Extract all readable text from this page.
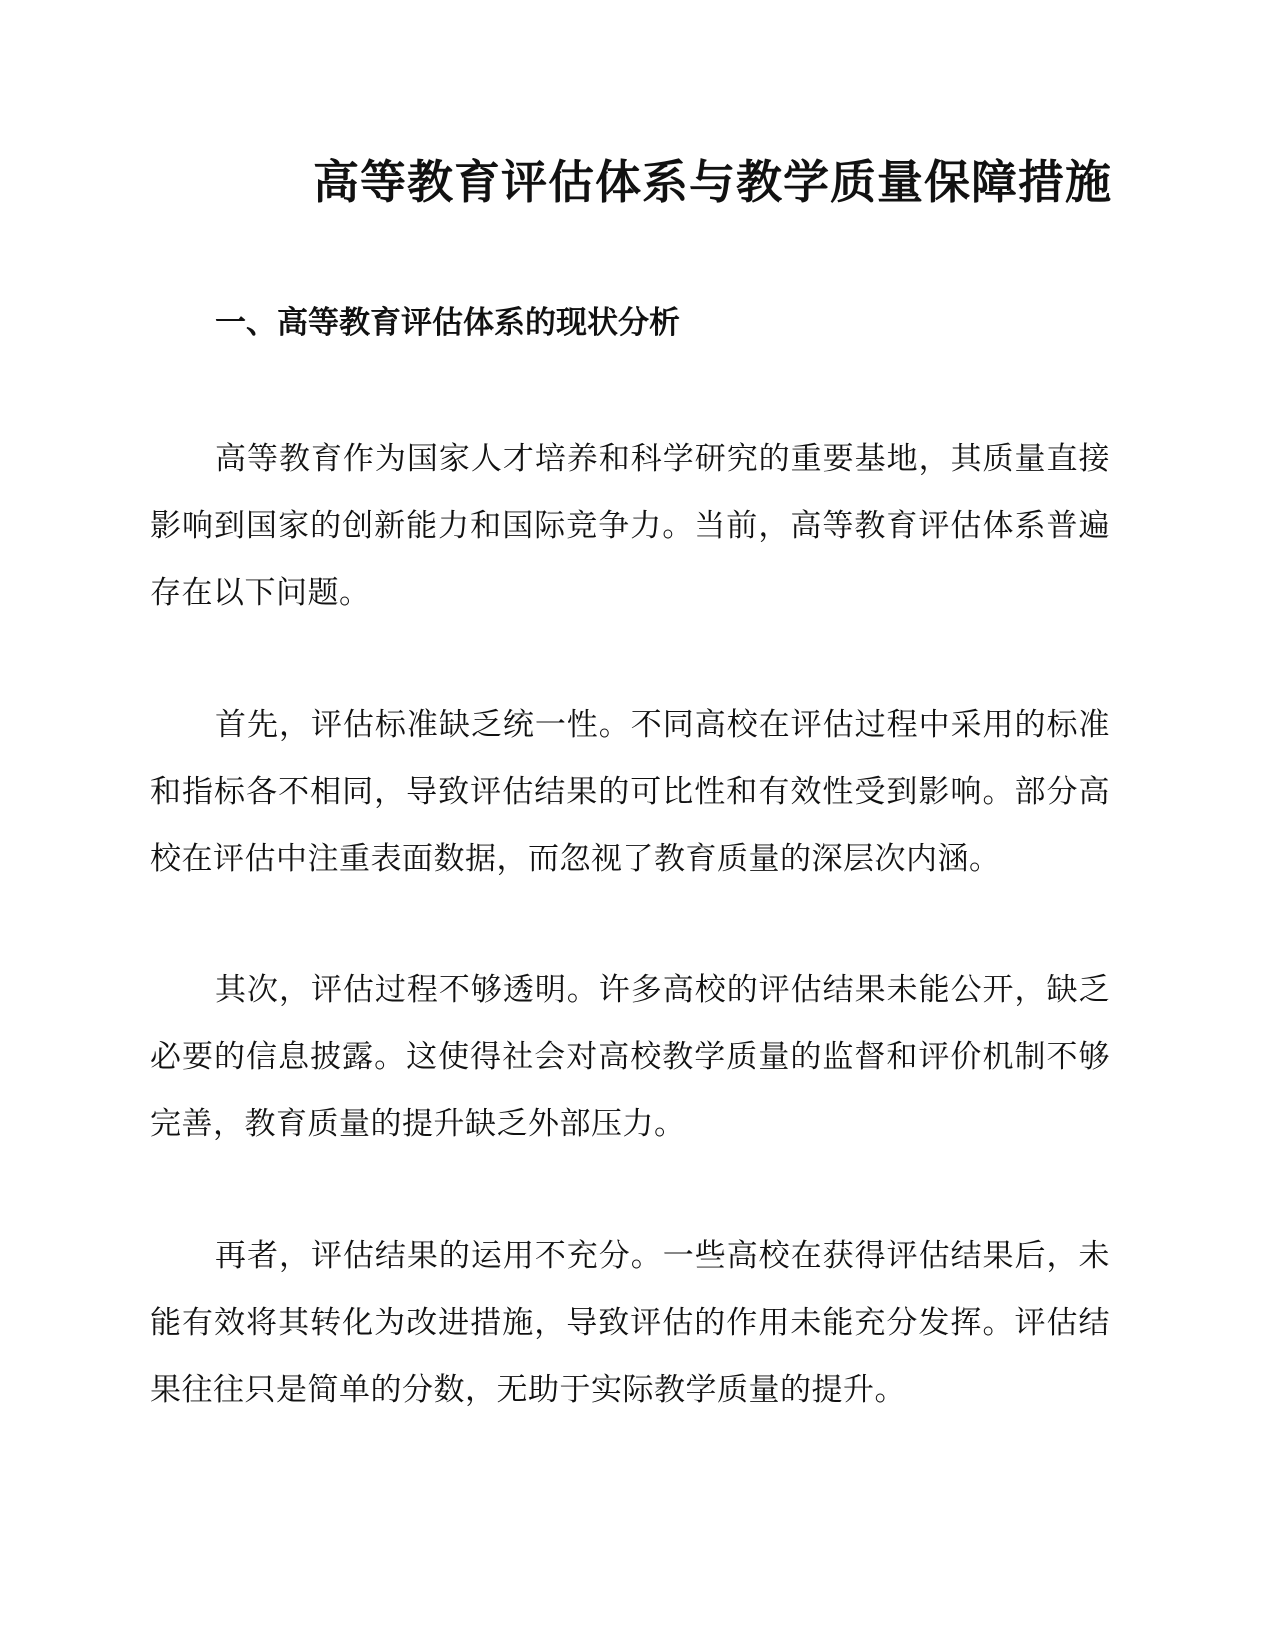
高等教育评估体系与教学质量保障措施
一、高等教育评估体系的现状分析

高等教育作为国家人才培养和科学研究的重要基地，其质量直接影响到国家的创新能力和国际竞争力。当前，高等教育评估体系普遍存在以下问题。

首先，评估标准缺乏统一性。不同高校在评估过程中采用的标准和指标各不相同，导致评估结果的可比性和有效性受到影响。部分高校在评估中注重表面数据，而忽视了教育质量的深层次内涵。

其次，评估过程不够透明。许多高校的评估结果未能公开，缺乏必要的信息披露。这使得社会对高校教学质量的监督和评价机制不够完善，教育质量的提升缺乏外部压力。

再者，评估结果的运用不充分。一些高校在获得评估结果后，未能有效将其转化为改进措施，导致评估的作用未能充分发挥。评估结果往往只是简单的分数，无助于实际教学质量的提升。
